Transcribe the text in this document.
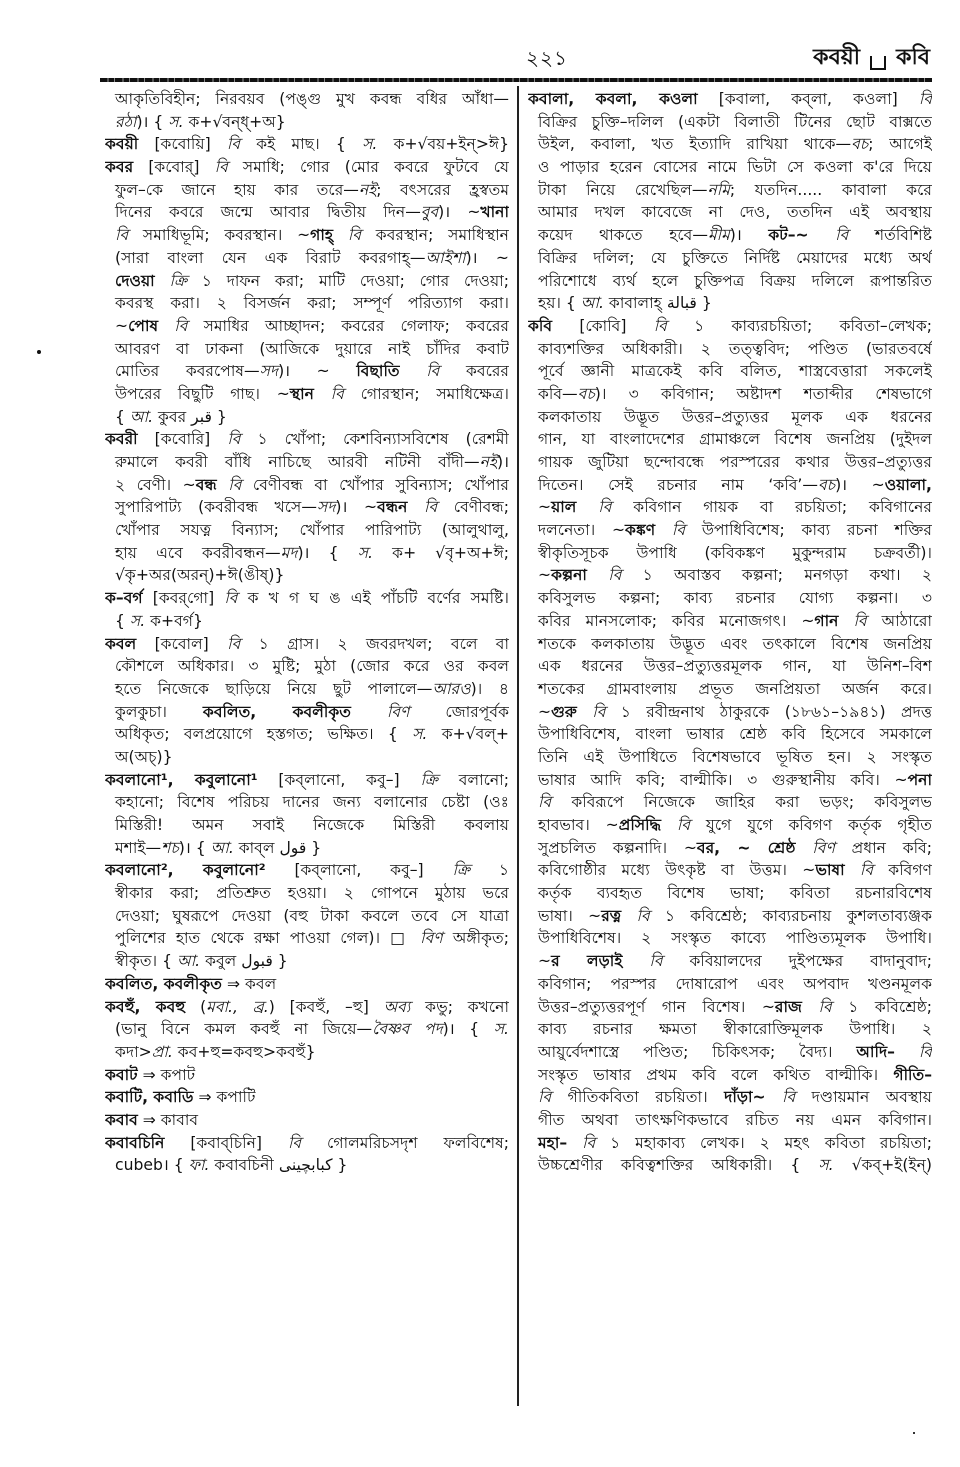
২২১	কবয়ী কবি
আকৃতিবিহীন; নিরবয়ব (পঙ্গু মুখ কবন্ধ বধির আঁধা—
রঠা)। { স. ক+√বন্ধ্+অ}
কবয়ী [কবোয়ি] বি কই মাছ। { স. ক+√বয়+ইন্>ঈ}
কবর [কবোর্] বি সমাধি; গোর (মোর কবরে ফুটবে যে
ফুল–কে জানে হায় কার তরে—নই; বৎসরের হ্রস্বতম
দিনের কবরে জন্মে আবার দ্বিতীয় দিন—বুব)। ~খানা
বি সমাধিভূমি; কবরস্থান। ~গাহ্ বি কবরস্থান; সমাধিস্থান
(সারা বাংলা যেন এক বিরাট কবরগাহ্—আইশা)। ~
দেওয়া ক্রি ১ দাফন করা; মাটি দেওয়া; গোর দেওয়া;
কবরস্থ করা। ২ বিসর্জন করা; সম্পূর্ণ পরিত্যাগ করা।
~পোষ বি সমাধির আচ্ছাদন; কবরের গেলাফ; কবরের
আবরণ বা ঢাকনা (আজিকে দুয়ারে নাই চাঁদির কবাট
মোতির কবরপোষ—সদ)। ~ বিছাতি বি কবরের
উপরের বিছুটি গাছ। ~স্থান বি গোরস্থান; সমাধিক্ষেত্র।
{ আ. কুবর قبر }
কবরী [কবোরি] বি ১ খোঁপা; কেশবিন্যাসবিশেষ (রেশমী
রুমালে কবরী বাঁধি নাচিছে আরবী নটিনী বাঁদী—নই)।
২ বেণী। ~বন্ধ বি বেণীবন্ধ বা খোঁপার সুবিন্যাস; খোঁপার
সুপারিপাট্য (কবরীবন্ধ খসে—সদ)। ~বন্ধন বি বেণীবন্ধ;
খোঁপার সযত্ন বিন্যাস; খোঁপার পারিপাট্য (আলুথালু,
হায় এবে কবরীবন্ধন—মদ)। { স. ক+ √বৃ+অ+ঈ;
√কৃ+অর(অরন্)+ঈ(ঙীষ্)}
ক–বর্গ [কবর্‌গো] বি ক খ গ ঘ ঙ এই পাঁচটি বর্ণের সমষ্টি।
{ স. ক+বর্গ}
কবল [কবোল] বি ১ গ্রাস। ২ জবরদখল; বলে বা
কৌশলে অধিকার। ৩ মুষ্টি; মুঠা (জোর করে ওর কবল
হতে নিজেকে ছাড়িয়ে নিয়ে ছুট পালালে—আরও)। ৪
কুলকুচা। কবলিত, কবলীকৃত বিণ জোরপূর্বক
অধিকৃত; বলপ্রয়োগে হস্তগত; ভক্ষিত। { স. ক+√বল্+
অ(অচ্)}
কবলানো¹, কবুলানো¹ [কব্‌লানো, কবু–] ক্রি বলানো;
কহানো; বিশেষ পরিচয় দানের জন্য বলানোর চেষ্টা (ওঃ
মিস্তিরী! অমন সবাই নিজেকে মিস্তিরী কবলায়
মশাই—শচ)। { আ. কাব্‌ল قول }
কবলানো², কবুলানো² [কব্‌লানো, কবু–] ক্রি ১
স্বীকার করা; প্রতিশ্রুত হওয়া। ২ গোপনে মুঠায় ভরে
দেওয়া; ঘুষরূপে দেওয়া (বহু টাকা কবলে তবে সে যাত্রা
পুলিশের হাত থেকে রক্ষা পাওয়া গেল)। □ বিণ অঙ্গীকৃত;
স্বীকৃত। { আ. কবুল قبول }
কবলিত, কবলীকৃত ⇒ কবল
কবহুঁ, কবহু (মবা., ব্র.) [কবহুঁ, –হু] অব্য কভু; কখনো
(ভানু বিনে কমল কবহুঁ না জিয়ে—বৈষ্ণব পদ)। { স.
কদা>প্রা. কব+হু=কবহু>কবহুঁ}
কবাট ⇒ কপাট
কবাটি, কবাডি ⇒ কপাটি
কবাব ⇒ কাবাব
কবাবচিনি [কবাব্‌চিনি] বি গোলমরিচসদৃশ ফলবিশেষ;
cubeb। { ফা. কবাবচিনী کبابچینی }
কবালা, কবলা, কওলা [কবালা, কব্‌লা, কওলা] বি
বিক্রির চুক্তি–দলিল (একটা বিলাতী টিনের ছোট বাক্সতে
উইল, কবালা, খত ইত্যাদি রাখিয়া থাকে—বচ; আগেই
ও পাড়ার হরেন বোসের নামে ভিটা সে কওলা ক'রে দিয়ে
টাকা নিয়ে রেখেছিল—নমি; যতদিন..... কাবালা করে
আমার দখল কাবেজে না দেও, ততদিন এই অবস্থায়
কয়েদ থাকতে হবে—মীম)। কট–~ বি শর্তবিশিষ্ট
বিক্রির দলিল; যে চুক্তিতে নির্দিষ্ট মেয়াদের মধ্যে অর্থ
পরিশোধে ব্যর্থ হলে চুক্তিপত্র বিক্রয় দলিলে রূপান্তরিত
হয়। { আ. কাবালাহ্ قبالة }
কবি [কোবি] বি ১ কাব্যরচয়িতা; কবিতা–লেখক;
কাব্যশক্তির অধিকারী। ২ তত্ত্ববিদ; পণ্ডিত (ভারতবর্ষে
পূর্বে জ্ঞানী মাত্রকেই কবি বলিত, শাস্ত্রবেত্তারা সকলেই
কবি—বচ)। ৩ কবিগান; অষ্টাদশ শতাব্দীর শেষভাগে
কলকাতায় উদ্ভূত উত্তর–প্রত্যুত্তর মূলক এক ধরনের
গান, যা বাংলাদেশের গ্রামাঞ্চলে বিশেষ জনপ্রিয় (দুইদল
গায়ক জুটিয়া ছন্দোবন্ধে পরস্পরের কথার উত্তর–প্রত্যুত্তর
দিতেন। সেই রচনার নাম ‘কবি’—বচ)। ~ওয়ালা,
~য়াল বি কবিগান গায়ক বা রচয়িতা; কবিগানের
দলনেতা। ~কঙ্কণ বি উপাধিবিশেষ; কাব্য রচনা শক্তির
স্বীকৃতিসূচক উপাধি (কবিকঙ্কণ মুকুন্দরাম চক্রবর্তী)।
~কল্পনা বি ১ অবাস্তব কল্পনা; মনগড়া কথা। ২
কবিসুলভ কল্পনা; কাব্য রচনার যোগ্য কল্পনা। ৩
কবির মানসলোক; কবির মনোজগৎ। ~গান বি আঠারো
শতকে কলকাতায় উদ্ভূত এবং তৎকালে বিশেষ জনপ্রিয়
এক ধরনের উত্তর–প্রত্যুত্তরমূলক গান, যা উনিশ–বিশ
শতকের গ্রামবাংলায় প্রভূত জনপ্রিয়তা অর্জন করে।
~গুরু বি ১ রবীন্দ্রনাথ ঠাকুরকে (১৮৬১–১৯৪১) প্রদত্ত
উপাধিবিশেষ, বাংলা ভাষার শ্রেষ্ঠ কবি হিসেবে সমকালে
তিনি এই উপাধিতে বিশেষভাবে ভূষিত হন। ২ সংস্কৃত
ভাষার আদি কবি; বাল্মীকি। ৩ গুরুস্থানীয় কবি। ~পনা
বি কবিরূপে নিজেকে জাহির করা ভড়ং; কবিসুলভ
হাবভাব। ~প্রসিদ্ধি বি যুগে যুগে কবিগণ কর্তৃক গৃহীত
সুপ্রচলিত কল্পনাদি। ~বর, ~ শ্রেষ্ঠ বিণ প্রধান কবি;
কবিগোষ্ঠীর মধ্যে উৎকৃষ্ট বা উত্তম। ~ভাষা বি কবিগণ
কর্তৃক ব্যবহৃত বিশেষ ভাষা; কবিতা রচনারবিশেষ
ভাষা। ~রত্ন বি ১ কবিশ্রেষ্ঠ; কাব্যরচনায় কুশলতাব্যঞ্জক
উপাধিবিশেষ। ২ সংস্কৃত কাব্যে পাণ্ডিত্যমূলক উপাধি।
~র লড়াই বি কবিয়ালদের দুইপক্ষের বাদানুবাদ;
কবিগান; পরস্পর দোষারোপ এবং অপবাদ খণ্ডনমূলক
উত্তর–প্রত্যুত্তরপূর্ণ গান বিশেষ। ~রাজ বি ১ কবিশ্রেষ্ঠ;
কাব্য রচনার ক্ষমতা স্বীকারোক্তিমূলক উপাধি। ২
আয়ুর্বেদশাস্ত্রে পণ্ডিত; চিকিৎসক; বৈদ্য। আদি– বি
সংস্কৃত ভাষার প্রথম কবি বলে কথিত বাল্মীকি। গীতি–
বি গীতিকবিতা রচয়িতা। দাঁড়া~ বি দণ্ডায়মান অবস্থায়
গীত অথবা তাৎক্ষণিকভাবে রচিত নয় এমন কবিগান।
মহা– বি ১ মহাকাব্য লেখক। ২ মহৎ কবিতা রচয়িতা;
উচ্চশ্রেণীর কবিত্বশক্তির অধিকারী। { স. √কব্+ই(ইন্)
